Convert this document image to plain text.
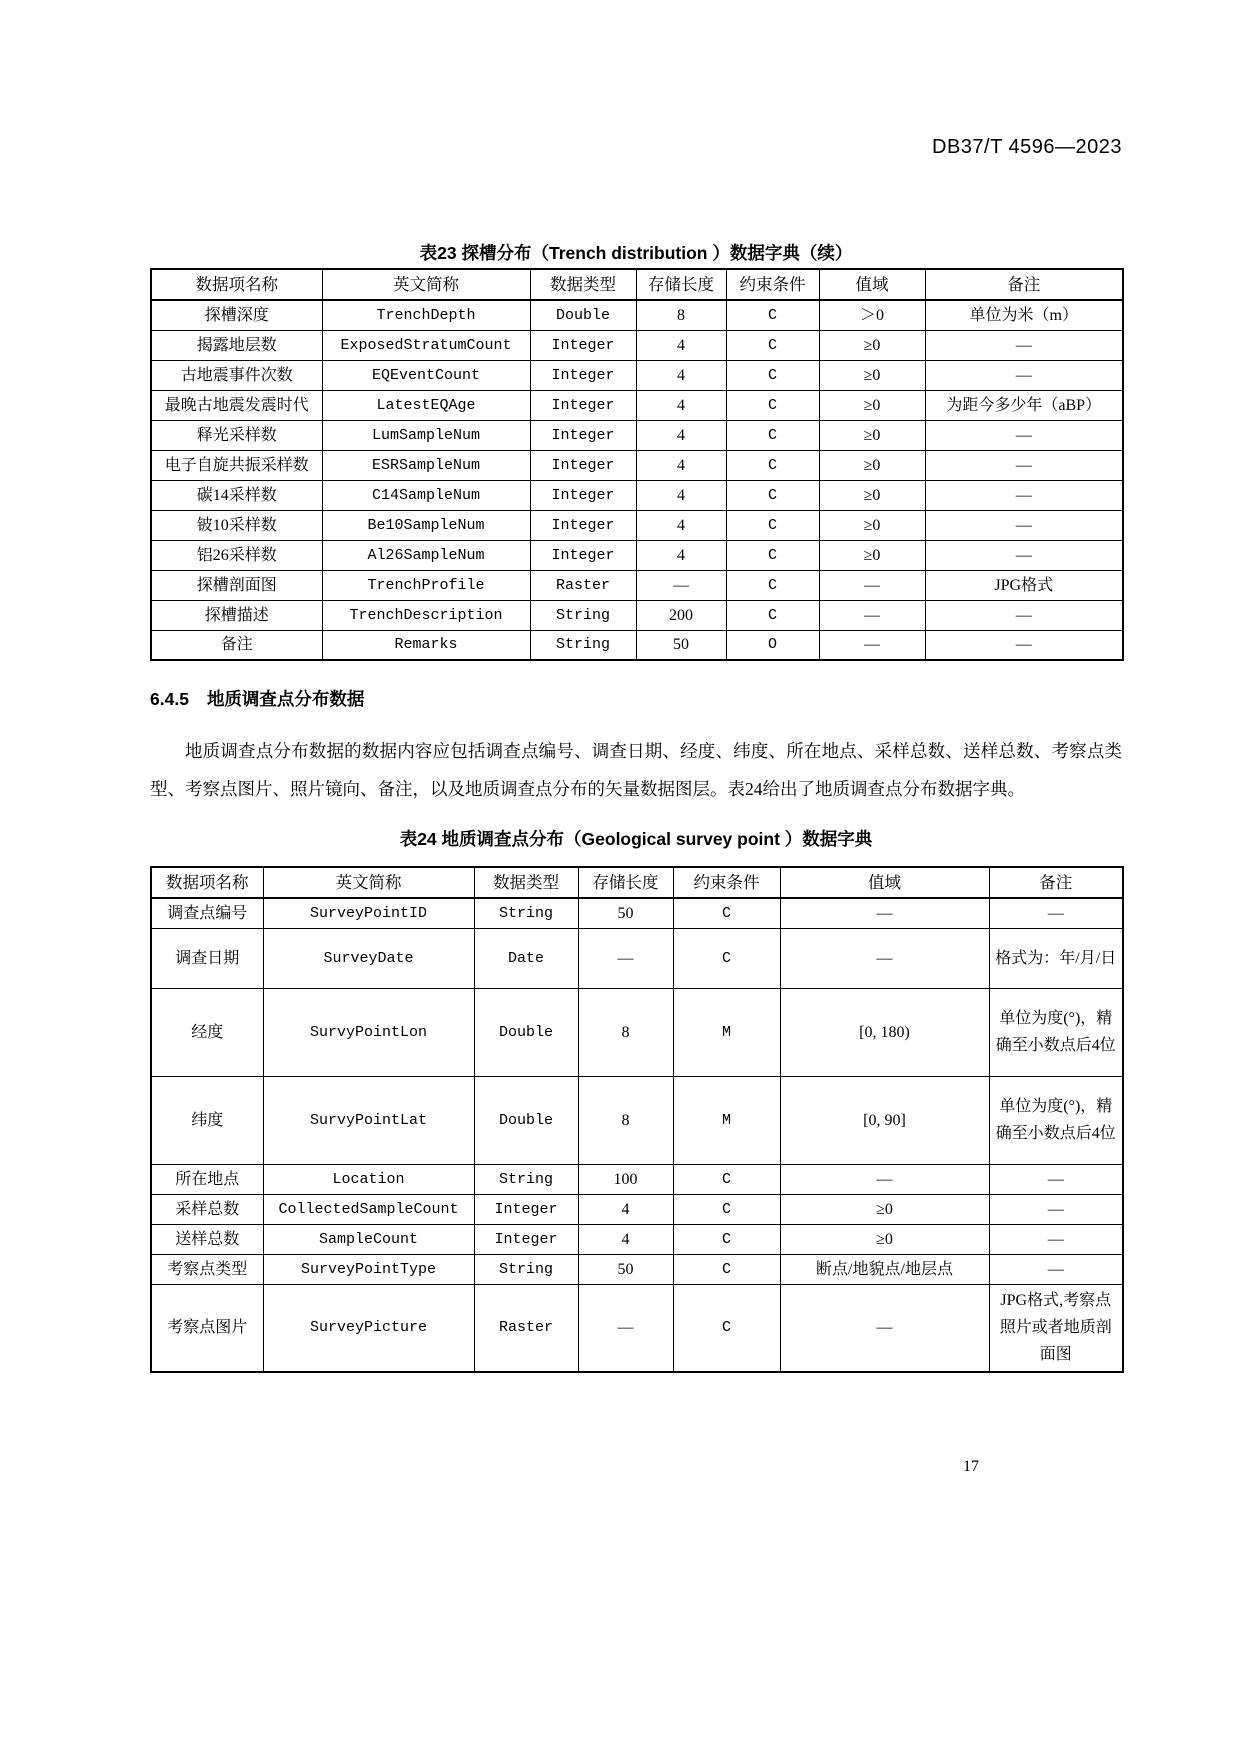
DB37/T 4596—2023
表23 探槽分布（Trench distribution ）数据字典（续）
数据项名称	英文简称	数据类型	存储长度	约束条件	值域	备注
探槽深度	TrenchDepth	Double	8	C	＞0	单位为米（m）
揭露地层数	ExposedStratumCount	Integer	4	C	≥0	—
古地震事件次数	EQEventCount	Integer	4	C	≥0	—
最晚古地震发震时代	LatestEQAge	Integer	4	C	≥0	为距今多少年（aBP）
释光采样数	LumSampleNum	Integer	4	C	≥0	—
电子自旋共振采样数	ESRSampleNum	Integer	4	C	≥0	—
碳14采样数	C14SampleNum	Integer	4	C	≥0	—
铍10采样数	Be10SampleNum	Integer	4	C	≥0	—
铝26采样数	Al26SampleNum	Integer	4	C	≥0	—
探槽剖面图	TrenchProfile	Raster	—	C	—	JPG格式
探槽描述	TrenchDescription	String	200	C	—	—
备注	Remarks	String	50	O	—	—
6.4.5 地质调查点分布数据

地质调查点分布数据的数据内容应包括调查点编号、调查日期、经度、纬度、所在地点、采样总数、送样总数、考察点类型、考察点图片、照片镜向、备注，以及地质调查点分布的矢量数据图层。表24给出了地质调查点分布数据字典。

表24 地质调查点分布（Geological survey point ）数据字典
数据项名称	英文简称	数据类型	存储长度	约束条件	值域	备注
调查点编号	SurveyPointID	String	50	C	—	—
调查日期	SurveyDate	Date	—	C	—	格式为：年/月/日
经度	SurvyPointLon	Double	8	M	[0, 180)	单位为度(°)，精确至小数点后4位
纬度	SurvyPointLat	Double	8	M	[0, 90]	单位为度(°)，精确至小数点后4位
所在地点	Location	String	100	C	—	—
采样总数	CollectedSampleCount	Integer	4	C	≥0	—
送样总数	SampleCount	Integer	4	C	≥0	—
考察点类型	SurveyPointType	String	50	C	断点/地貌点/地层点	—
考察点图片	SurveyPicture	Raster	—	C	—	JPG格式,考察点照片或者地质剖面图
17
